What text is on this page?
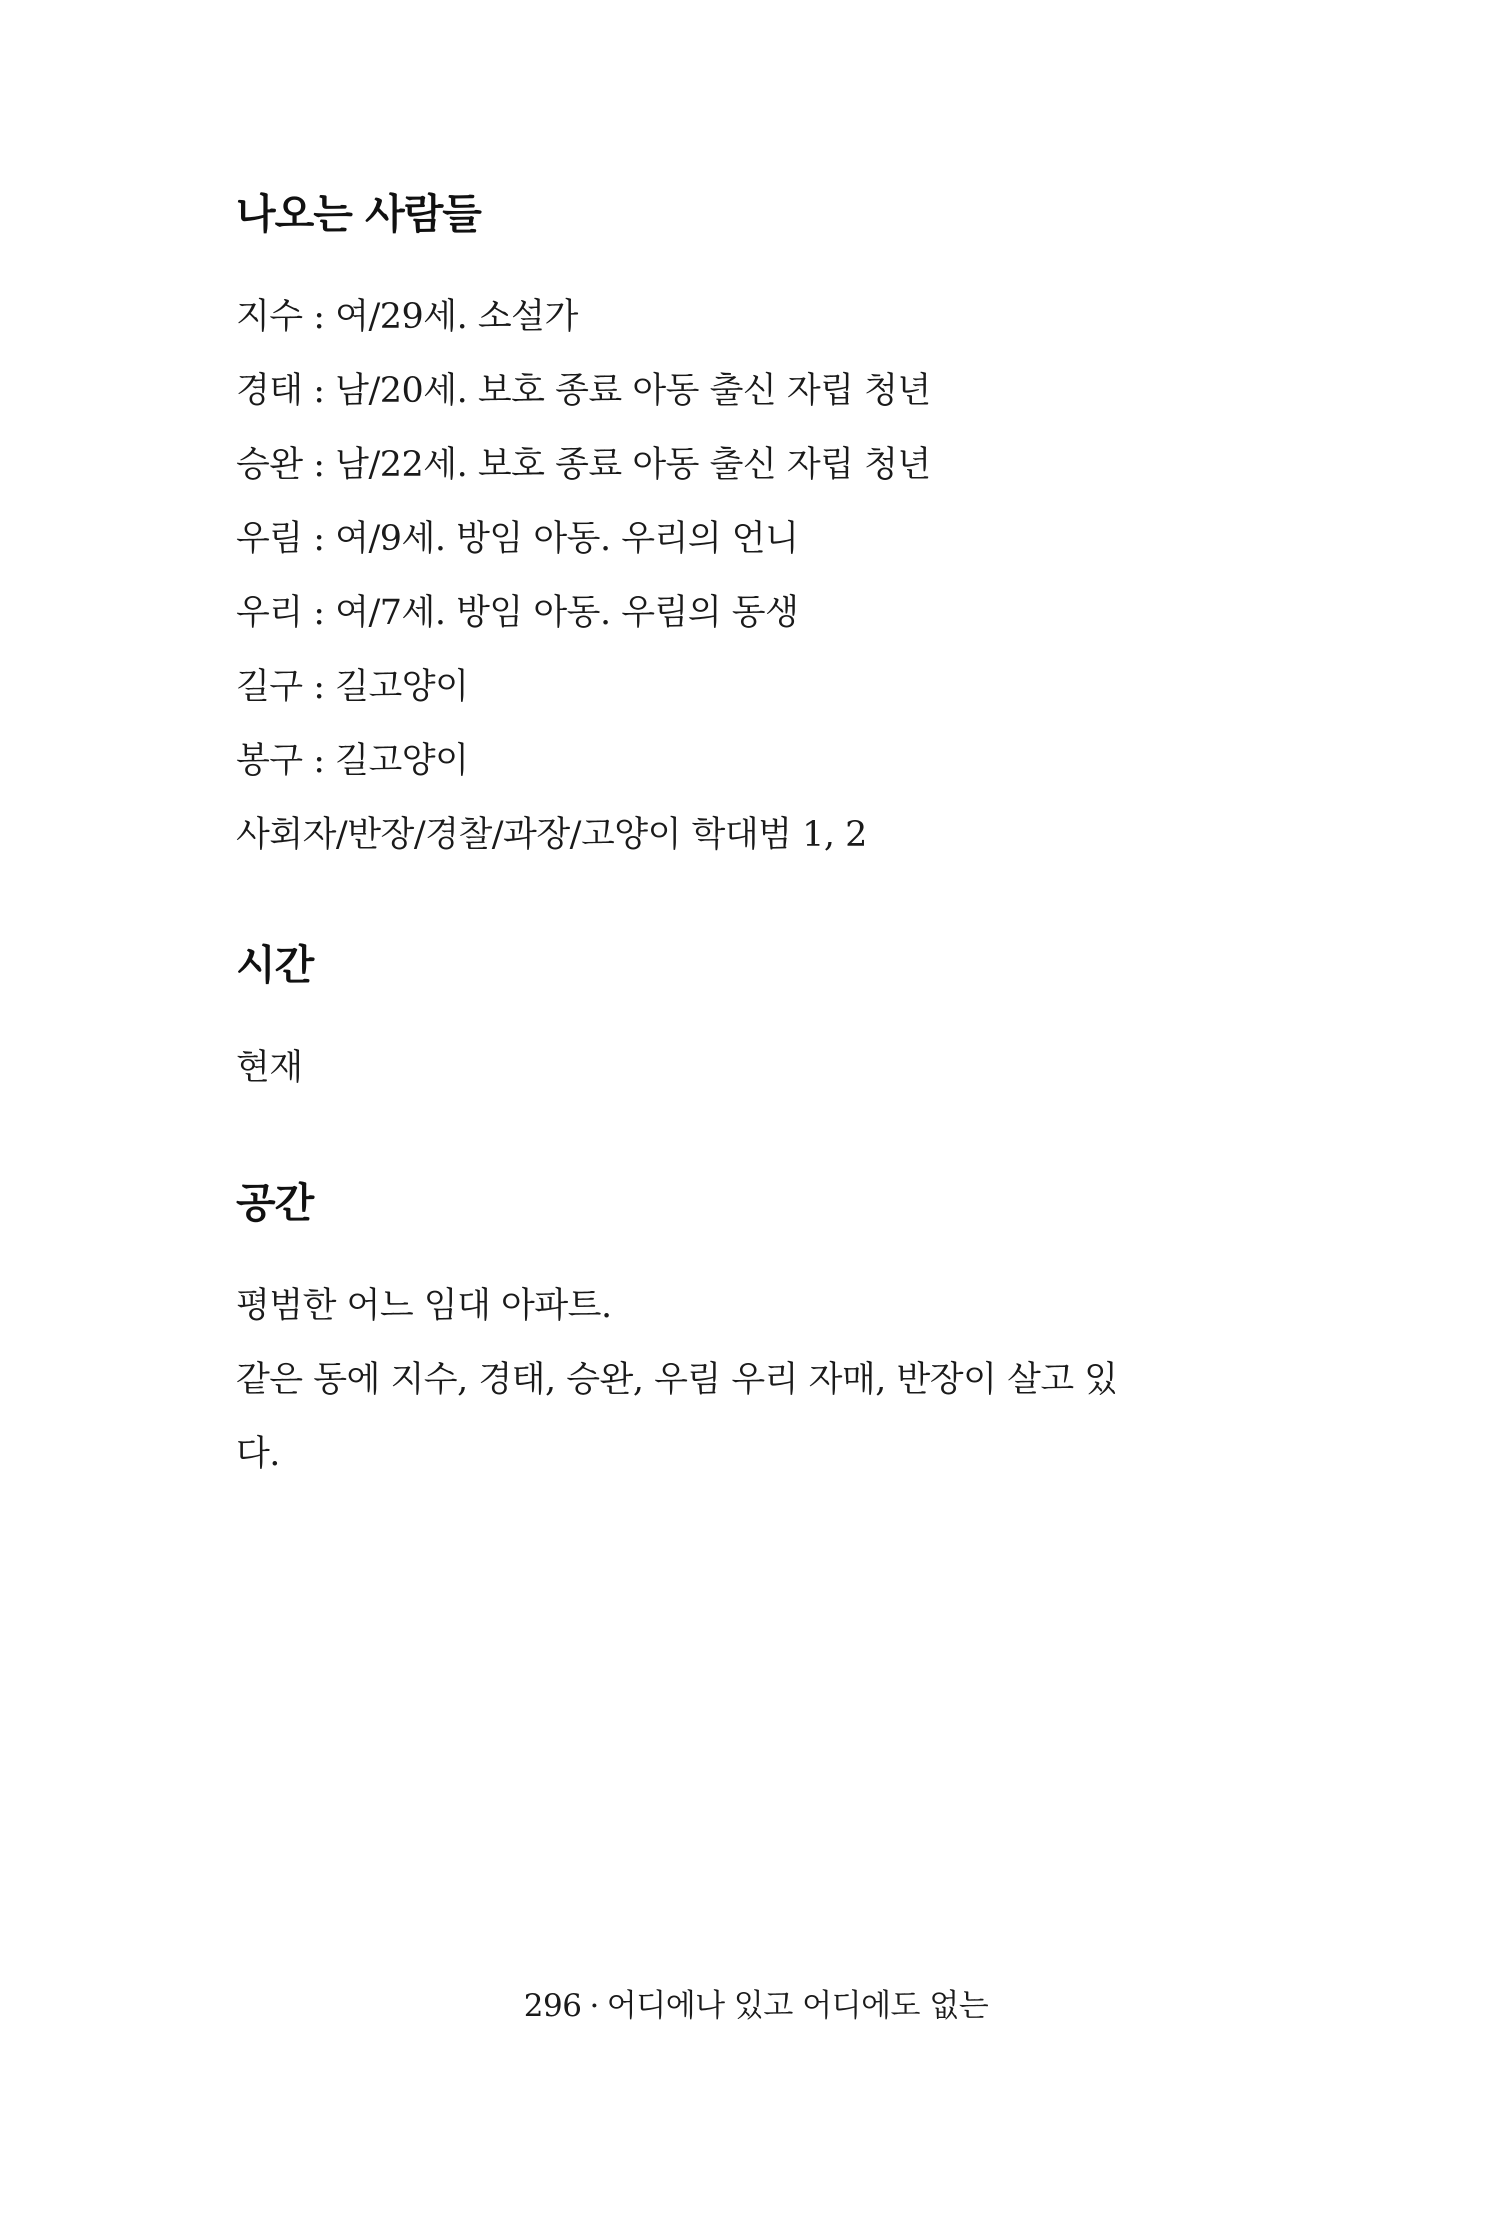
나오는 사람들
지수 : 여/29세. 소설가
경태 : 남/20세. 보호 종료 아동 출신 자립 청년
승완 : 남/22세. 보호 종료 아동 출신 자립 청년
우림 : 여/9세. 방임 아동. 우리의 언니
우리 : 여/7세. 방임 아동. 우림의 동생
길구 : 길고양이
봉구 : 길고양이
사회자/반장/경찰/과장/고양이 학대범 1, 2
시간
현재
공간
평범한 어느 임대 아파트.
같은 동에 지수, 경태, 승완, 우림 우리 자매, 반장이 살고 있
다.
296 · 어디에나 있고 어디에도 없는
